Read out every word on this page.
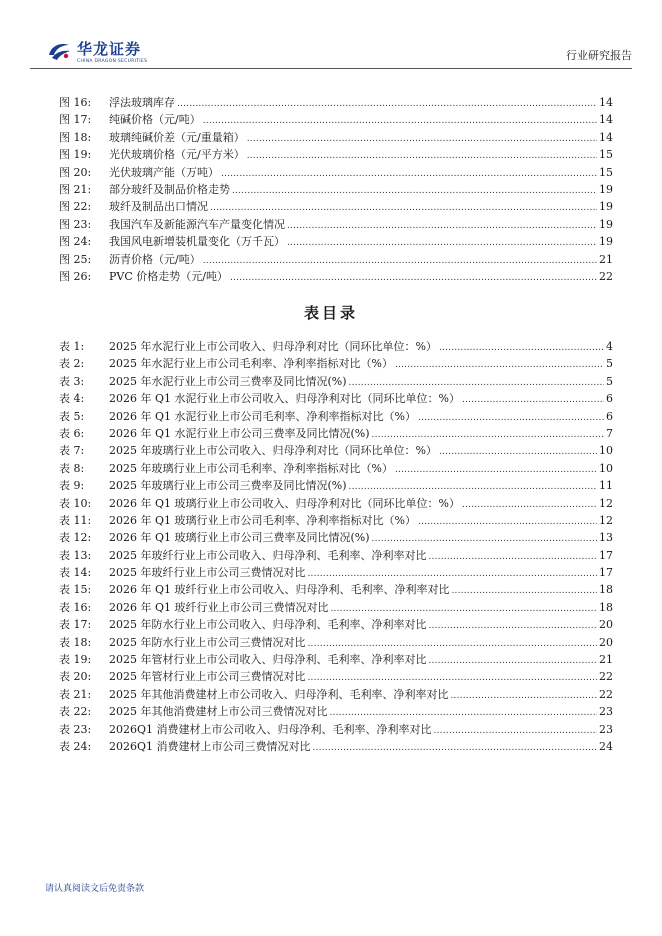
华龙证券
CHINA DRAGON SECURITIES	行业研究报告
图 16:	浮法玻璃库存 .....	14
图 17:	纯碱价格（元/吨） .....	14
图 18:	玻璃纯碱价差（元/重量箱） .....	14
图 19:	光伏玻璃价格（元/平方米） .....	15
图 20:	光伏玻璃产能（万吨） .....	15
图 21:	部分玻纤及制品价格走势 .....	19
图 22:	玻纤及制品出口情况 .....	19
图 23:	我国汽车及新能源汽车产量变化情况 .....	19
图 24:	我国风电新增装机量变化（万千瓦） .....	19
图 25:	沥青价格（元/吨） .....	21
图 26:	PVC 价格走势（元/吨） .....	22
表目录
表 1:	2025 年水泥行业上市公司收入、归母净利对比（同环比单位：%） .....	4
表 2:	2025 年水泥行业上市公司毛利率、净利率指标对比（%） .....	5
表 3:	2025 年水泥行业上市公司三费率及同比情况(%) .....	5
表 4:	2026 年 Q1 水泥行业上市公司收入、归母净利对比（同环比单位：%） .....	6
表 5:	2026 年 Q1 水泥行业上市公司毛利率、净利率指标对比（%） .....	6
表 6:	2026 年 Q1 水泥行业上市公司三费率及同比情况(%) .....	7
表 7:	2025 年玻璃行业上市公司收入、归母净利对比（同环比单位：%） .....	10
表 8:	2025 年玻璃行业上市公司毛利率、净利率指标对比（%） .....	10
表 9:	2025 年玻璃行业上市公司三费率及同比情况(%) .....	11
表 10:	2026 年 Q1 玻璃行业上市公司收入、归母净利对比（同环比单位：%） .....	12
表 11:	2026 年 Q1 玻璃行业上市公司毛利率、净利率指标对比（%） .....	12
表 12:	2026 年 Q1 玻璃行业上市公司三费率及同比情况(%) .....	13
表 13:	2025 年玻纤行业上市公司收入、归母净利、毛利率、净利率对比 .....	17
表 14:	2025 年玻纤行业上市公司三费情况对比 .....	17
表 15:	2026 年 Q1 玻纤行业上市公司收入、归母净利、毛利率、净利率对比 .....	18
表 16:	2026 年 Q1 玻纤行业上市公司三费情况对比 .....	18
表 17:	2025 年防水行业上市公司收入、归母净利、毛利率、净利率对比 .....	20
表 18:	2025 年防水行业上市公司三费情况对比 .....	20
表 19:	2025 年管材行业上市公司收入、归母净利、毛利率、净利率对比 .....	21
表 20:	2025 年管材行业上市公司三费情况对比 .....	22
表 21:	2025 年其他消费建材上市公司收入、归母净利、毛利率、净利率对比 .....	22
表 22:	2025 年其他消费建材上市公司三费情况对比 .....	23
表 23:	2026Q1 消费建材上市公司收入、归母净利、毛利率、净利率对比 .....	23
表 24:	2026Q1 消费建材上市公司三费情况对比 .....	24
请认真阅读文后免责条款
